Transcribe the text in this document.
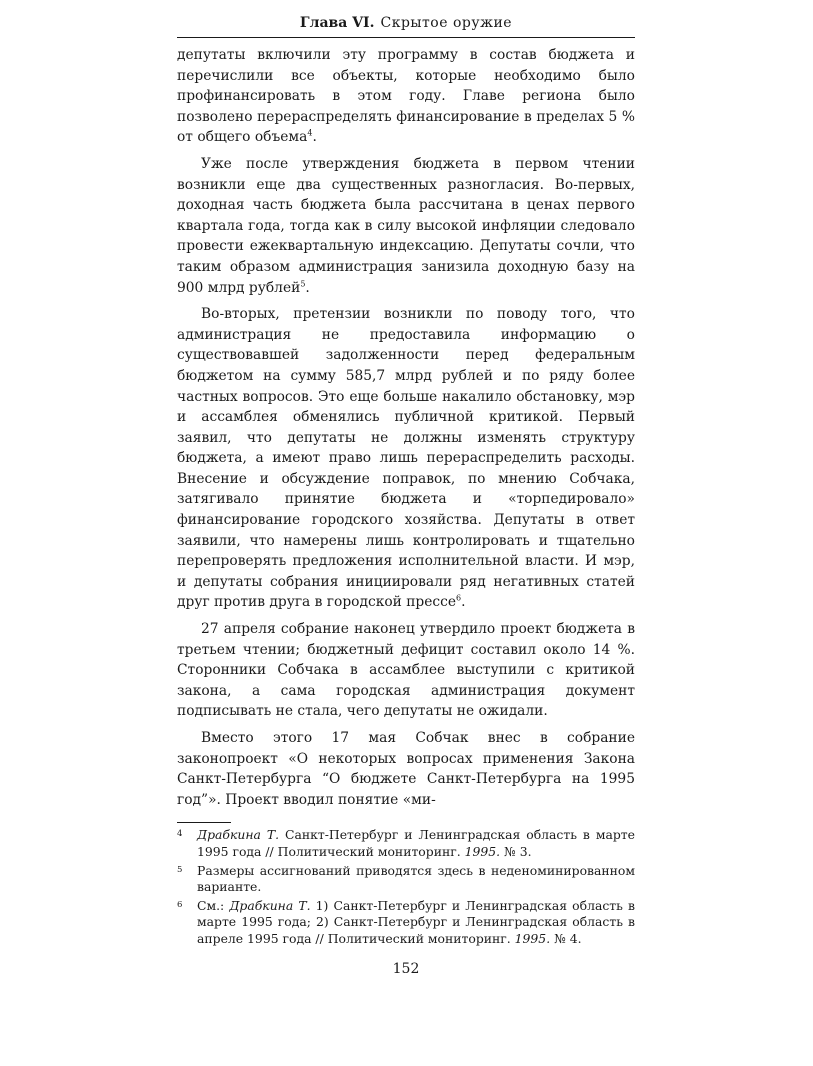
Глава VI. Скрытое оружие

депутаты включили эту программу в состав бюджета и перечислили все объекты, которые необходимо было профинансировать в этом году. Главе региона было позволено перераспределять финансирование в пределах 5 % от общего объема$^4$.

Уже после утверждения бюджета в первом чтении возникли еще два существенных разногласия. Во-первых, доходная часть бюджета была рассчитана в ценах первого квартала года, тогда как в силу высокой инфляции следовало провести ежеквартальную индексацию. Депутаты сочли, что таким образом администрация занизила доходную базу на 900 млрд рублей$^5$.

Во-вторых, претензии возникли по поводу того, что администрация не предоставила информацию о существовавшей задолженности перед федеральным бюджетом на сумму 585,7 млрд рублей и по ряду более частных вопросов. Это еще больше накалило обстановку, мэр и ассамблея обменялись публичной критикой. Первый заявил, что депутаты не должны изменять структуру бюджета, а имеют право лишь перераспределить расходы. Внесение и обсуждение поправок, по мнению Собчака, затягивало принятие бюджета и «торпедировало» финансирование городского хозяйства. Депутаты в ответ заявили, что намерены лишь контролировать и тщательно перепроверять предложения исполнительной власти. И мэр, и депутаты собрания инициировали ряд негативных статей друг против друга в городской прессе$^6$.

27 апреля собрание наконец утвердило проект бюджета в третьем чтении; бюджетный дефицит составил около 14 %. Сторонники Собчака в ассамблее выступили с критикой закона, а сама городская администрация документ подписывать не стала, чего депутаты не ожидали.

Вместо этого 17 мая Собчак внес в собрание законопроект «О некоторых вопросах применения Закона Санкт-Петербурга “О бюджете Санкт-Петербурга на 1995 год”». Проект вводил понятие «ми-

4	Драбкина Т. Санкт-Петербург и Ленинградская область в марте 1995 года // Политический мониторинг. 1995. № 3.
5	Размеры ассигнований приводятся здесь в неденоминированном варианте.
6	См.: Драбкина Т. 1) Санкт-Петербург и Ленинградская область в марте 1995 года; 2) Санкт-Петербург и Ленинградская область в апреле 1995 года // Политический мониторинг. 1995. № 4.
152
